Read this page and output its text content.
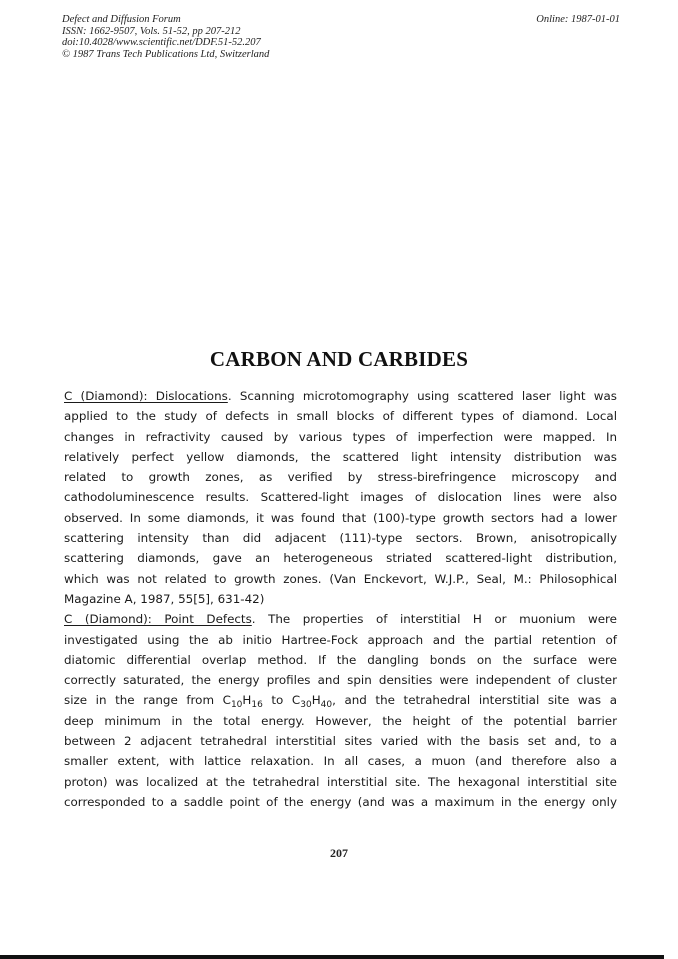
Defect and Diffusion Forum
ISSN: 1662-9507, Vols. 51-52, pp 207-212
doi:10.4028/www.scientific.net/DDF.51-52.207
© 1987 Trans Tech Publications Ltd, Switzerland
Online: 1987-01-01
CARBON AND CARBIDES
C (Diamond): Dislocations. Scanning microtomography using scattered laser light was
applied to the study of defects in small blocks of different types of diamond. Local
changes in refractivity caused by various types of imperfection were mapped. In
relatively perfect yellow diamonds, the scattered light intensity distribution was
related to growth zones, as verified by stress-birefringence microscopy and
cathodoluminescence results. Scattered-light images of dislocation lines were also
observed. In some diamonds, it was found that (100)-type growth sectors had a lower
scattering intensity than did adjacent (111)-type sectors. Brown, anisotropically
scattering diamonds, gave an heterogeneous striated scattered-light distribution,
which was not related to growth zones. (Van Enckevort, W.J.P., Seal, M.: Philosophical
Magazine A, 1987, 55[5], 631-42)
C (Diamond): Point Defects. The properties of interstitial H or muonium were
investigated using the ab initio Hartree-Fock approach and the partial retention of
diatomic differential overlap method. If the dangling bonds on the surface were
correctly saturated, the energy profiles and spin densities were independent of cluster
size in the range from $C_{10}H_{16}$ to $C_{30}H_{40}$, and the tetrahedral interstitial site was a
deep minimum in the total energy. However, the height of the potential barrier
between 2 adjacent tetrahedral interstitial sites varied with the basis set and, to a
smaller extent, with lattice relaxation. In all cases, a muon (and therefore also a
proton) was localized at the tetrahedral interstitial site. The hexagonal interstitial site
corresponded to a saddle point of the energy (and was a maximum in the energy only
207
